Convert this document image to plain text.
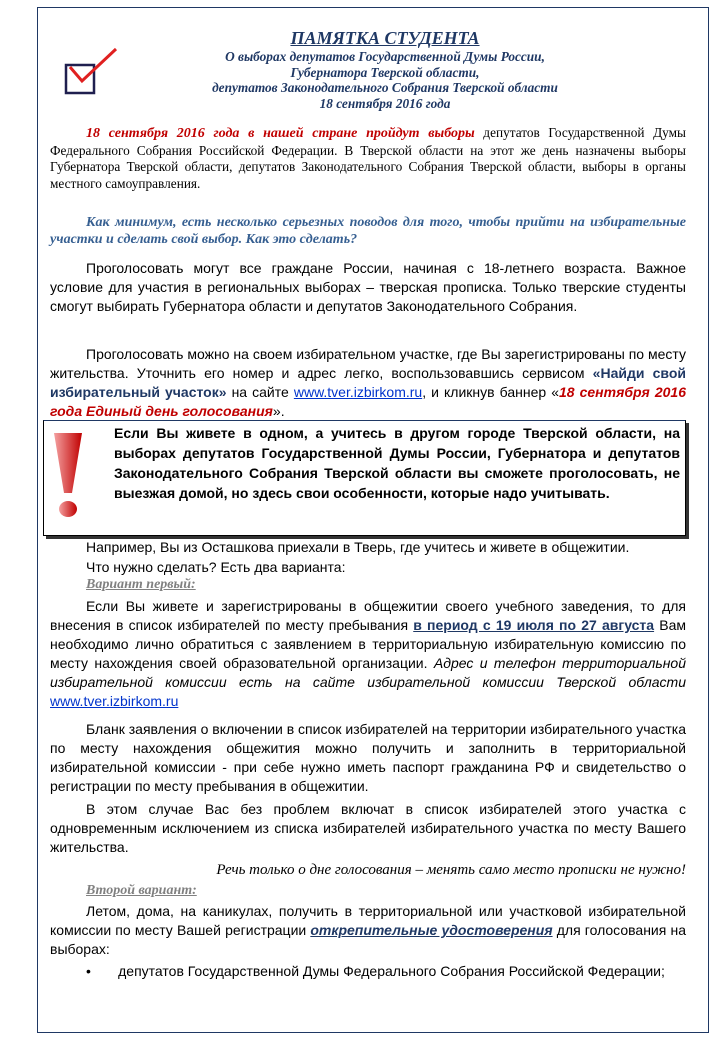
ПАМЯТКА СТУДЕНТА
О выборах депутатов Государственной Думы России,
Губернатора Тверской области,
депутатов Законодательного Собрания Тверской области
18 сентября 2016 года

18 сентября 2016 года в нашей стране пройдут выборы депутатов Государственной Думы Федерального Собрания Российской Федерации. В Тверской области на этот же день назначены выборы Губернатора Тверской области, депутатов Законодательного Собрания Тверской области, выборы в органы местного самоуправления.

Как минимум, есть несколько серьезных поводов для того, чтобы прийти на избирательные участки и сделать свой выбор. Как это сделать?

Проголосовать могут все граждане России, начиная с 18-летнего возраста. Важное условие для участия в региональных выборах – тверская прописка. Только тверские студенты смогут выбирать Губернатора области и депутатов Законодательного Собрания.

Проголосовать можно на своем избирательном участке, где Вы зарегистрированы по месту жительства. Уточнить его номер и адрес легко, воспользовавшись сервисом «Найди свой избирательный участок» на сайте www.tver.izbirkom.ru, и кликнув баннер «18 сентября 2016 года Единый день голосования».

Если Вы живете в одном, а учитесь в другом городе Тверской области, на выборах депутатов Государственной Думы России, Губернатора и депутатов Законодательного Собрания Тверской области вы сможете проголосовать, не выезжая домой, но здесь свои особенности, которые надо учитывать.

Например, Вы из Осташкова приехали в Тверь, где учитесь и живете в общежитии.

Что нужно сделать? Есть два варианта:

Вариант первый:

Если Вы живете и зарегистрированы в общежитии своего учебного заведения, то для внесения в список избирателей по месту пребывания в период с 19 июля по 27 августа Вам необходимо лично обратиться с заявлением в территориальную избирательную комиссию по месту нахождения своей образовательной организации. Адрес и телефон территориальной избирательной комиссии есть на сайте избирательной комиссии Тверской области www.tver.izbirkom.ru

Бланк заявления о включении в список избирателей на территории избирательного участка по месту нахождения общежития можно получить и заполнить в территориальной избирательной комиссии - при себе нужно иметь паспорт гражданина РФ и свидетельство о регистрации по месту пребывания в общежитии.

В этом случае Вас без проблем включат в список избирателей этого участка с одновременным исключением из списка избирателей избирательного участка по месту Вашего жительства.

Речь только о дне голосования – менять само место прописки не нужно!
Второй вариант:

Летом, дома, на каникулах, получить в территориальной или участковой избирательной комиссии по месту Вашей регистрации открепительные удостоверения для голосования на выборах:

•       депутатов Государственной Думы Федерального Собрания Российской Федерации;
